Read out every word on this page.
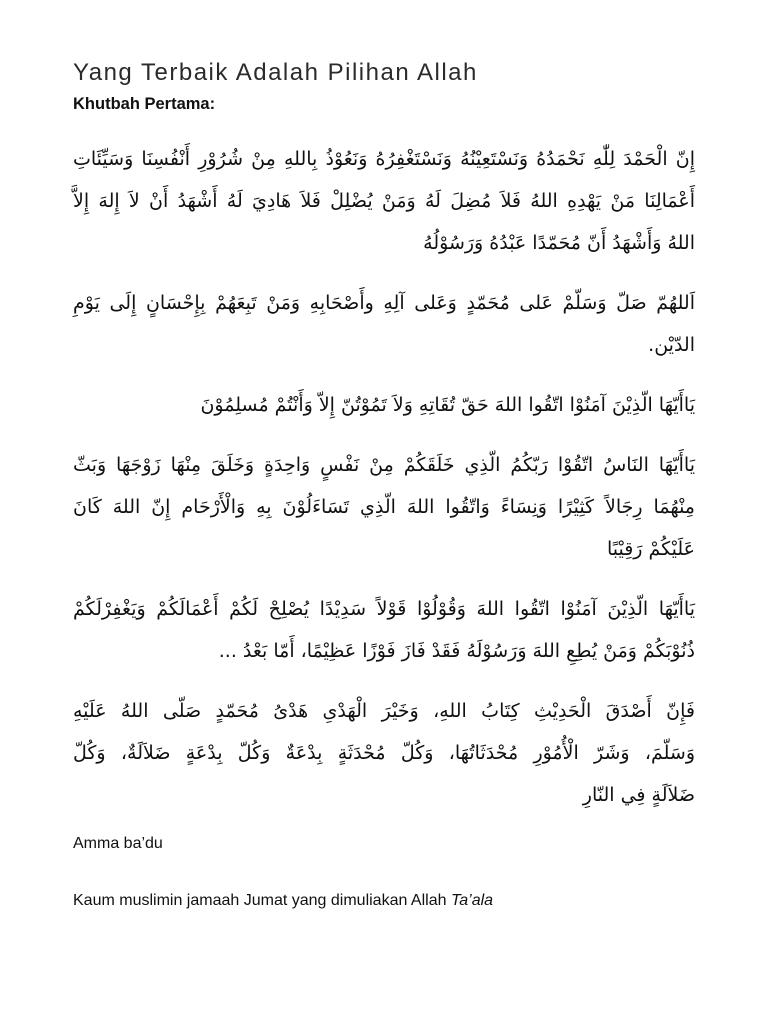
Yang Terbaik Adalah Pilihan Allah

Khutbah Pertama:

إِنّ الْحَمْدَ لِلّٰهِ نَحْمَدُهُ وَنَسْتَعِيْنُهُ وَنَسْتَغْفِرُهُ وَنَعُوْذُ بِاللهِ مِنْ شُرُوْرِ أَنْفُسِنَا وَسَيِّئَاتِ
أَعْمَالِنَا مَنْ يَهْدِهِ اللهُ فَلاَ مُضِلَ لَهُ وَمَنْ يُضْلِلْ فَلاَ هَادِيَ لَهُ أَشْهَدُ أَنْ لاَ إِلهَ إِلاَّ
اللهُ وَأَشْهَدُ أَنّ مُحَمّدًا عَبْدُهُ وَرَسُوْلُهُ
اَللهُمّ صَلّ وَسَلّمْ عَلى مُحَمّدٍ وَعَلى آلِهِ وأَصْحَابِهِ وَمَنْ تَبِعَهُمْ بِإِحْسَانٍ إِلَى يَوْمِ
الدّيْن.
يَاأَيّهَا الّذِيْنَ آمَنُوْا اتّقُوا اللهَ حَقّ تُقَاتِهِ وَلاَ تَمُوْتُنّ إِلاّ وَأَنْتُمْ مُسلِمُوْنَ
يَاأَيّهَا النَاسُ اتّقُوْا رَبّكُمُ الّذِي خَلَقَكُمْ مِنْ نَفْسٍ وَاحِدَةٍ وَخَلَقَ مِنْهَا زَوْجَهَا وَبَثّ
مِنْهُمَا رِجَالاً كَثِيْرًا وَنِسَاءً وَاتّقُوا اللهَ الّذِي تَسَاءَلُوْنَ بِهِ وَالْأَرْحَام إِنّ اللهَ كَانَ
عَلَيْكُمْ رَقِيْبًا
يَاأَيّهَا الّذِيْنَ آمَنُوْا اتّقُوا اللهَ وَقُوْلُوْا قَوْلاً سَدِيْدًا يُصْلِحْ لَكُمْ أَعْمَالَكُمْ وَيَغْفِرْلَكُمْ
ذُنُوْبَكُمْ وَمَنْ يُطِعِ اللهَ وَرَسُوْلَهُ فَقَدْ فَازَ فَوْزًا عَظِيْمًا، أَمّا بَعْدُ ...
فَإِنّ أَصْدَقَ الْحَدِيْثِ كِتَابُ اللهِ، وَخَيْرَ الْهَدْىِ هَدْىُ مُحَمّدٍ صَلّى اللهُ عَلَيْهِ
وَسَلّمَ، وَشَرّ الْأُمُوْرِ مُحْدَثَاتُهَا، وَكُلّ مُحْدَثَةٍ بِدْعَةٌ وَكُلّ بِدْعَةٍ ضَلاَلَةٌ، وَكُلّ
ضَلاَلَةٍ فِي النّارِ

Amma ba’du

Kaum muslimin jamaah Jumat yang dimuliakan Allah Ta’ala
